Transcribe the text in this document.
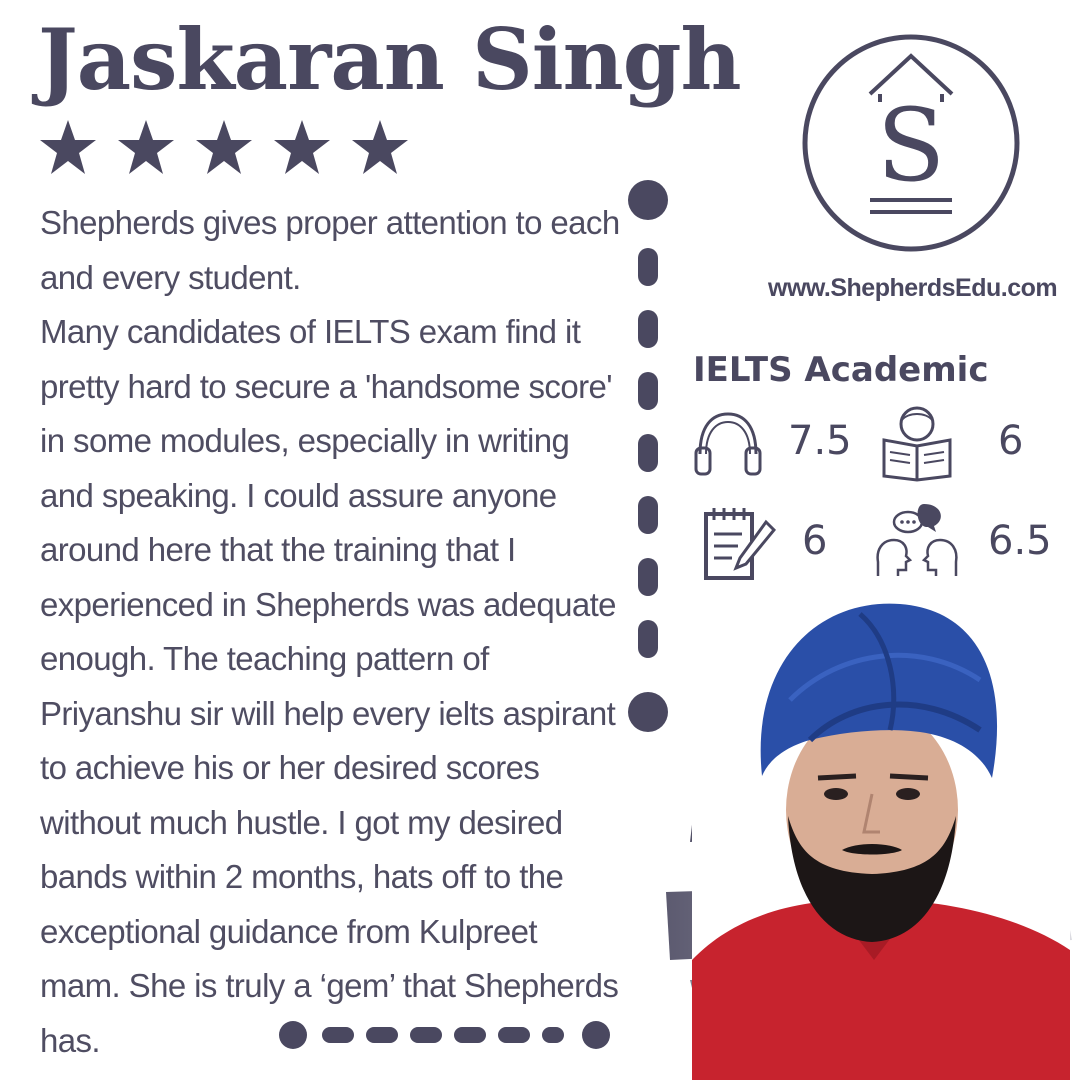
Jaskaran Singh

Shepherds gives proper attention to each and every student.

Many candidates of IELTS exam find it pretty hard to secure a 'handsome score' in some modules, especially in writing and speaking. I could assure anyone around here that the training that I experienced in Shepherds was adequate enough. The teaching pattern of Priyanshu sir will help every ielts aspirant to achieve his or her desired scores without much hustle. I got my desired bands within 2 months, hats off to the exceptional guidance from Kulpreet mam. She is truly a ‘gem’ that Shepherds has.

S
www.ShepherdsEdu.com
IELTS Academic
7.5	6
6	6.5
